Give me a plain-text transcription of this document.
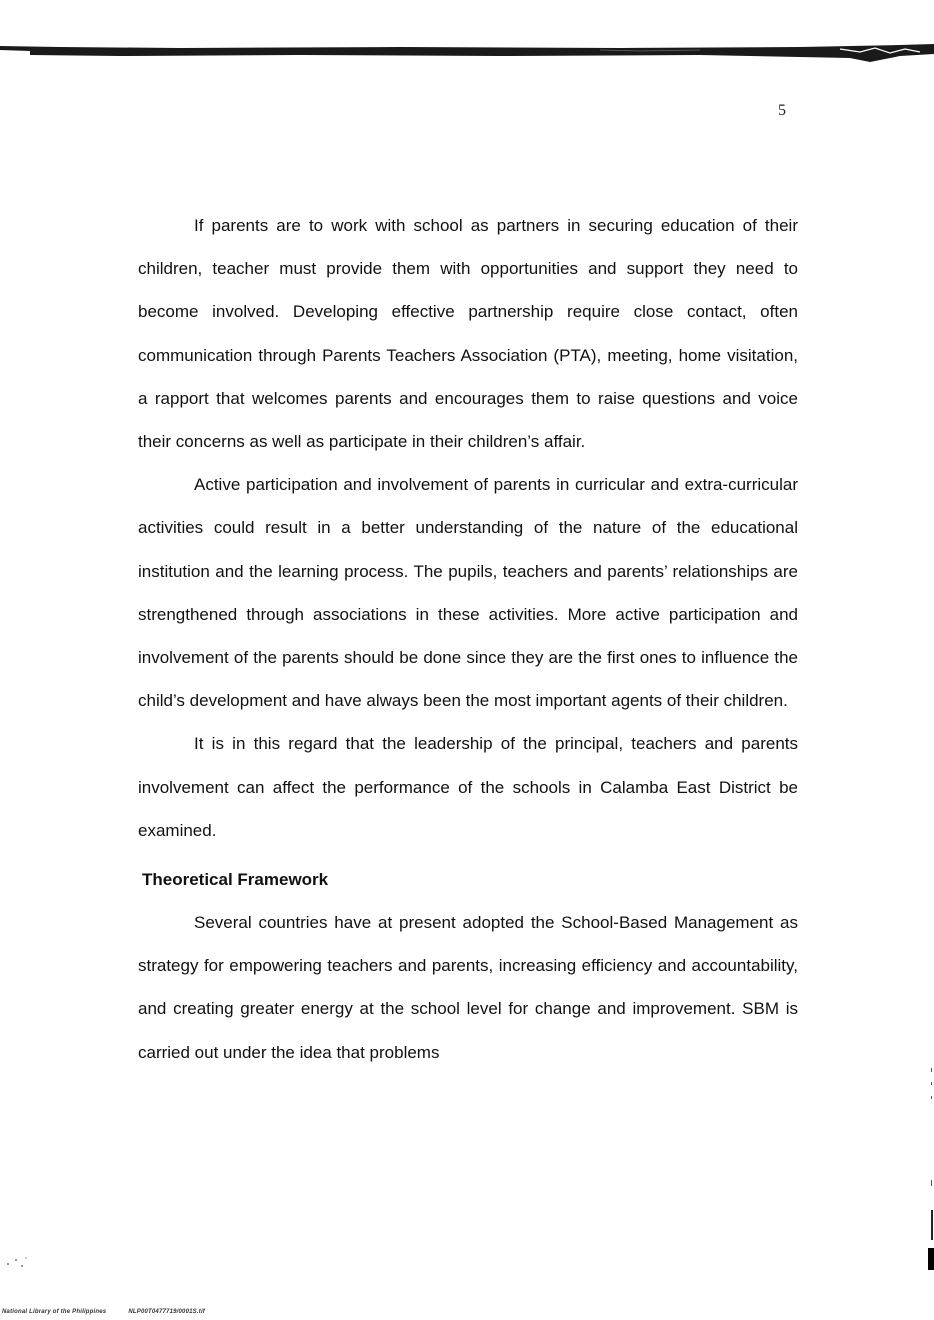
5

If parents are to work with school as partners in securing education of their children, teacher must provide them with opportunities and support they need to become involved. Developing effective partnership require close contact, often communication through Parents Teachers Association (PTA), meeting, home visitation, a rapport that welcomes parents and encourages them to raise questions and voice their concerns as well as participate in their children’s affair.

Active participation and involvement of parents in curricular and extra-curricular activities could result in a better understanding of the nature of the educational institution and the learning process. The pupils, teachers and parents’ relationships are strengthened through associations in these activities. More active participation and involvement of the parents should be done since they are the first ones to influence the child’s development and have always been the most important agents of their children.

It is in this regard that the leadership of the principal, teachers and parents involvement can affect the performance of the schools in Calamba East District be examined.

Theoretical Framework

Several countries have at present adopted the School-Based Management as strategy for empowering teachers and parents, increasing efficiency and accountability, and creating greater energy at the school level for change and improvement. SBM is carried out under the idea that problems

National Library of the Philippines	NLP00T0477719/0001S.tif
